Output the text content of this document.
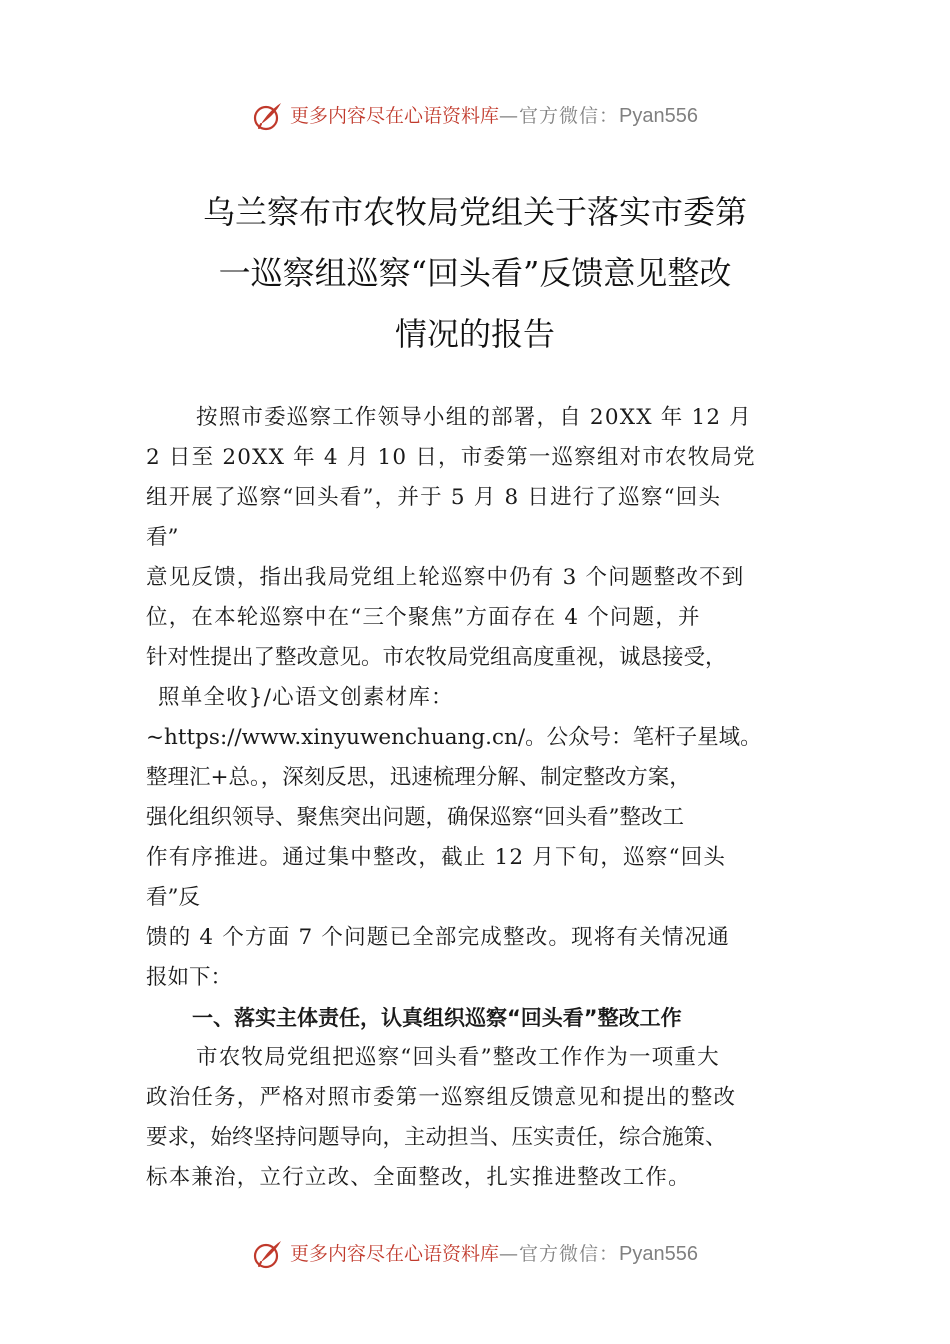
更多内容尽在心语资料库 —官方微信： Pyan556
乌兰察布市农牧局党组关于落实市委第
一巡察组巡察“回头看”反馈意见整改
情况的报告
按照市委巡察工作领导小组的部署，自 20XX 年 12 月
2 日至 20XX 年 4 月 10 日，市委第一巡察组对市农牧局党
组开展了巡察“回头看”，并于 5 月 8 日进行了巡察“回头
看”
意见反馈，指出我局党组上轮巡察中仍有 3 个问题整改不到
位，在本轮巡察中在“三个聚焦”方面存在 4 个问题，并
针对性提出了整改意见。市农牧局党组高度重视，诚恳接受，
照单全收}/心语文创素材库：
~https://www.xinyuwenchuang.cn/。公众号：笔杆子星域。
整理汇+总。，深刻反思，迅速梳理分解、制定整改方案，
强化组织领导、聚焦突出问题，确保巡察“回头看”整改工
作有序推进。通过集中整改，截止 12 月下旬，巡察“回头
看”反
馈的 4 个方面 7 个问题已全部完成整改。现将有关情况通
报如下：
一、落实主体责任，认真组织巡察“回头看”整改工作
市农牧局党组把巡察“回头看”整改工作作为一项重大
政治任务，严格对照市委第一巡察组反馈意见和提出的整改
要求，始终坚持问题导向，主动担当、压实责任，综合施策、
标本兼治，立行立改、全面整改，扎实推进整改工作。
更多内容尽在心语资料库 —官方微信： Pyan556
